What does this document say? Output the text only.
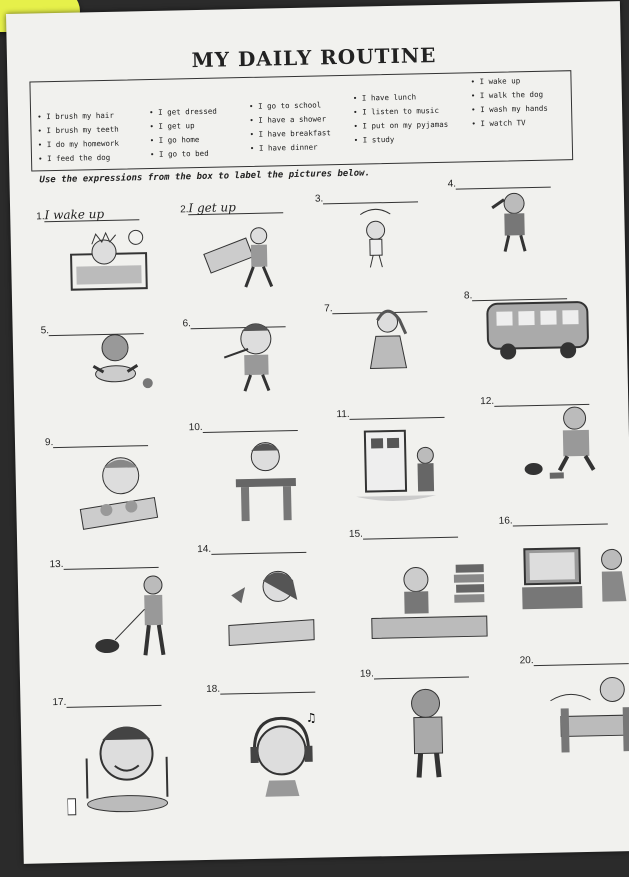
MY DAILY ROUTINE
• I brush my hair
• I brush my teeth
• I do my homework
• I feed the dog
• I get dressed
• I get up
• I go home
• I go to bed
• I go to school
• I have a shower
• I have breakfast
• I have dinner
• I have lunch
• I listen to music
• I put on my pyjamas
• I study
• I wake up
• I walk the dog
• I wash my hands
• I watch TV
Use the expressions from the box to label the pictures below.
1.I wake up	2.I get up
3.
4.
5.
6.
7.
8.
9.
10.
11.
12.
13.
14.
15.
16.
17.
18.
19.
20.
♫
